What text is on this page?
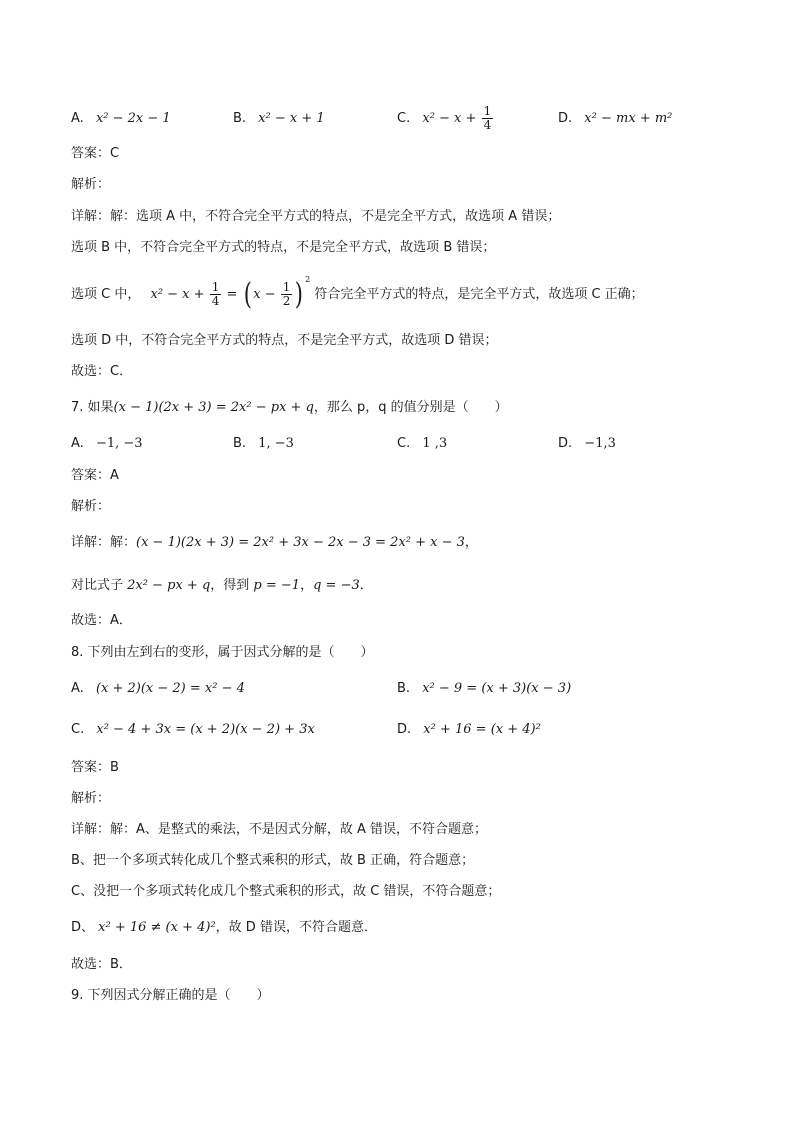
A. x² − 2x − 1	B. x² − x + 1	C. $x^2 - x + \frac{1}{4}$	D. x² − mx + m²
答案：C
解析：
详解：解：选项 A 中，不符合完全平方式的特点，不是完全平方式，故选项 A 错误；
选项 B 中，不符合完全平方式的特点，不是完全平方式，故选项 B 错误；
选项 C 中， $x^2 - x + \frac{1}{4}$ = ( $x - \frac{1}{2}$ ) $^2$ 符合完全平方式的特点，是完全平方式，故选项 C 正确；
选项 D 中，不符合完全平方式的特点，不是完全平方式，故选项 D 错误；
故选：C．
7. 如果(x − 1)(2x + 3) = 2x² − px + q，那么 p，q 的值分别是（　　）
A. −1, −3	B. 1, −3	C. 1 ,3	D. −1,3
答案：A
解析：
详解：解：(x − 1)(2x + 3) = 2x² + 3x − 2x − 3 = 2x² + x − 3，
对比式子 2x² − px + q，得到 p = −1，q = −3．
故选：A．
8. 下列由左到右的变形，属于因式分解的是（　　）
A. (x + 2)(x − 2) = x² − 4	B. x² − 9 = (x + 3)(x − 3)
C. x² − 4 + 3x = (x + 2)(x − 2) + 3x	D. x² + 16 = (x + 4)²
答案：B
解析：
详解：解：A、是整式的乘法，不是因式分解，故 A 错误，不符合题意；
B、把一个多项式转化成几个整式乘积的形式，故 B 正确，符合题意；
C、没把一个多项式转化成几个整式乘积的形式，故 C 错误，不符合题意；
D、 x² + 16 ≠ (x + 4)²，故 D 错误，不符合题意．
故选：B．
9. 下列因式分解正确的是（　　）
